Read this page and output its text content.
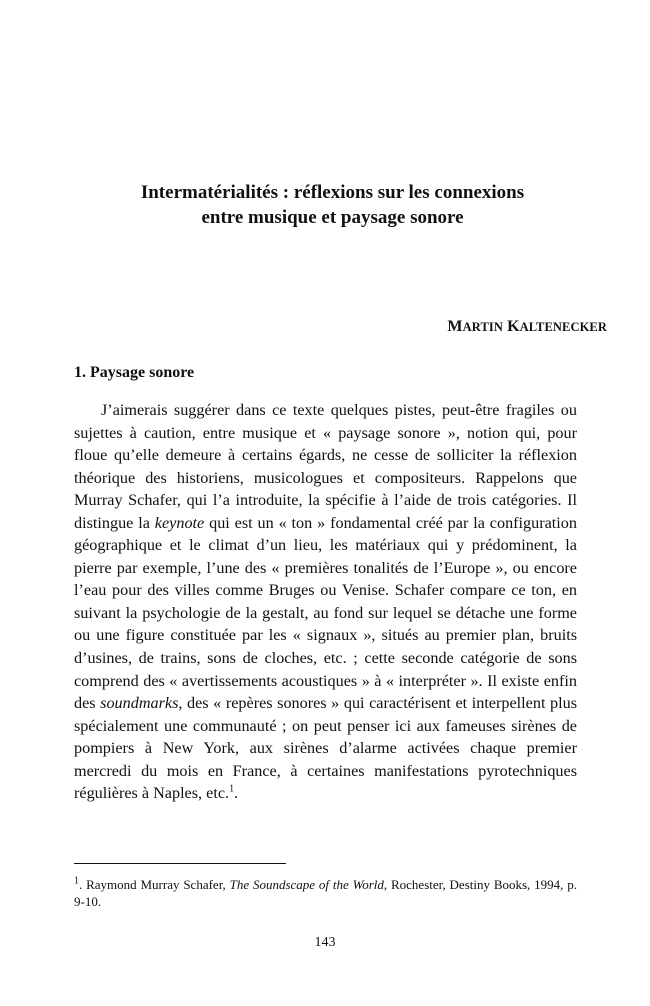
Intermatérialités : réflexions sur les connexions
entre musique et paysage sonore
MARTIN KALTENECKER
1. Paysage sonore

J’aimerais suggérer dans ce texte quelques pistes, peut-être fragiles ou sujettes à caution, entre musique et « paysage sonore », notion qui, pour floue qu’elle demeure à certains égards, ne cesse de solliciter la réflexion théorique des historiens, musicologues et compositeurs. Rappelons que Murray Schafer, qui l’a introduite, la spécifie à l’aide de trois catégories. Il distingue la keynote qui est un « ton » fondamental créé par la configuration géographique et le climat d’un lieu, les matériaux qui y prédominent, la pierre par exemple, l’une des « premières tonalités de l’Europe », ou encore l’eau pour des villes comme Bruges ou Venise. Schafer compare ce ton, en suivant la psychologie de la gestalt, au fond sur lequel se détache une forme ou une figure constituée par les « signaux », situés au premier plan, bruits d’usines, de trains, sons de cloches, etc. ; cette seconde catégorie de sons comprend des « avertissements acoustiques » à « interpréter ». Il existe enfin des soundmarks, des « repères sonores » qui caractérisent et interpellent plus spécialement une communauté ; on peut penser ici aux fameuses sirènes de pompiers à New York, aux sirènes d’alarme activées chaque premier mercredi du mois en France, à certaines manifestations pyrotechniques régulières à Naples, etc.$^1$.

$^1$. Raymond Murray Schafer, The Soundscape of the World, Rochester, Destiny Books, 1994, p. 9-10.

143
